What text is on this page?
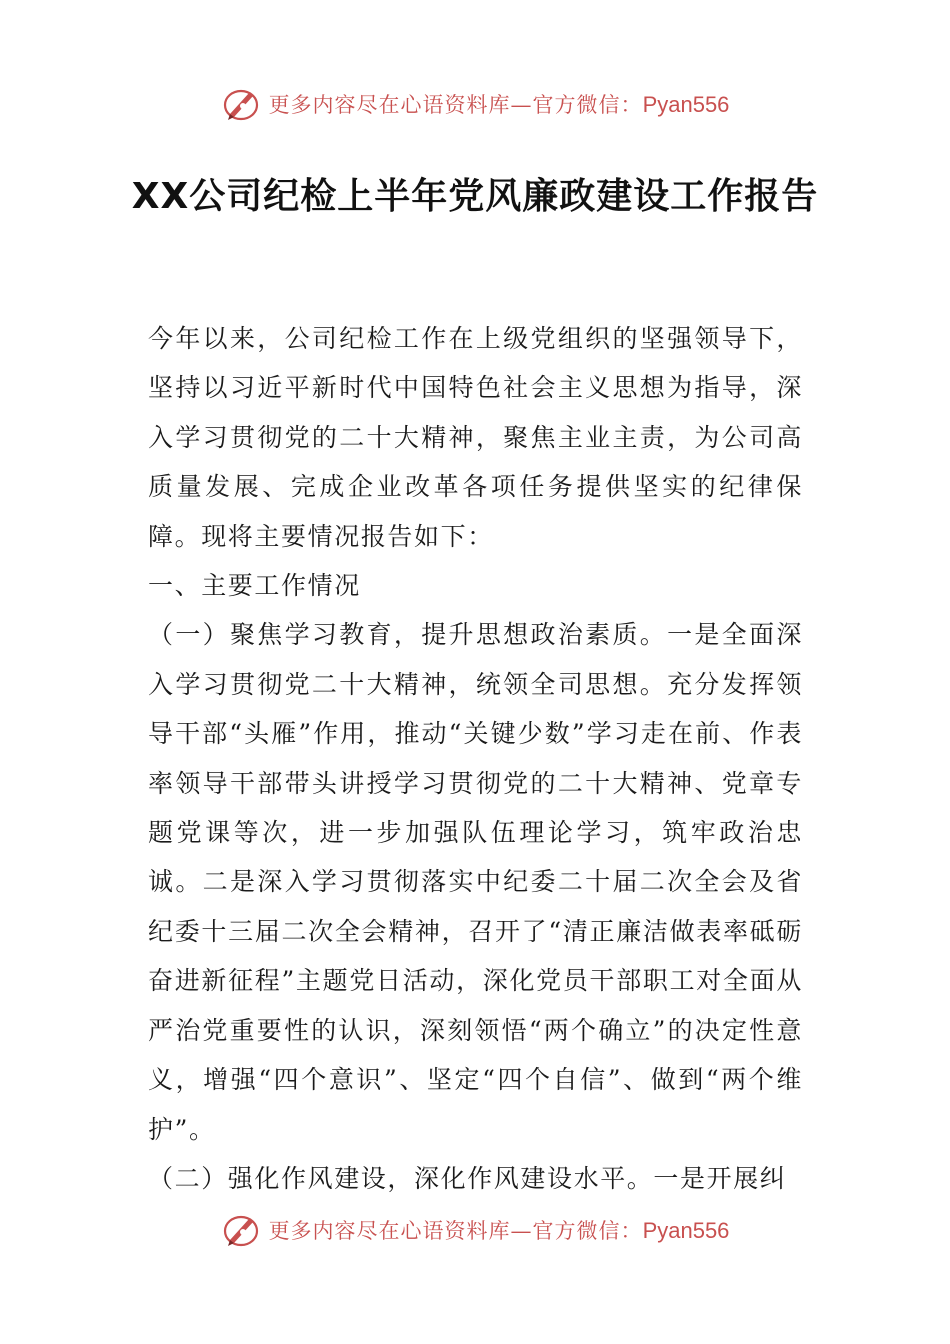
更多内容尽在心语资料库—官方微信：Pyan556
XX公司纪检上半年党风廉政建设工作报告

今年以来，公司纪检工作在上级党组织的坚强领导下，坚持以习近平新时代中国特色社会主义思想为指导，深入学习贯彻党的二十大精神，聚焦主业主责，为公司高质量发展、完成企业改革各项任务提供坚实的纪律保障。现将主要情况报告如下：

一、主要工作情况

（一）聚焦学习教育，提升思想政治素质。一是全面深入学习贯彻党二十大精神，统领全司思想。充分发挥领导干部“头雁”作用，推动“关键少数”学习走在前、作表率领导干部带头讲授学习贯彻党的二十大精神、党章专题党课等次，进一步加强队伍理论学习，筑牢政治忠诚。二是深入学习贯彻落实中纪委二十届二次全会及省纪委十三届二次全会精神，召开了“清正廉洁做表率砥砺奋进新征程”主题党日活动，深化党员干部职工对全面从严治党重要性的认识，深刻领悟“两个确立”的决定性意义，增强“四个意识”、坚定“四个自信”、做到“两个维护”。

（二）强化作风建设，深化作风建设水平。一是开展纠

更多内容尽在心语资料库—官方微信：Pyan556
